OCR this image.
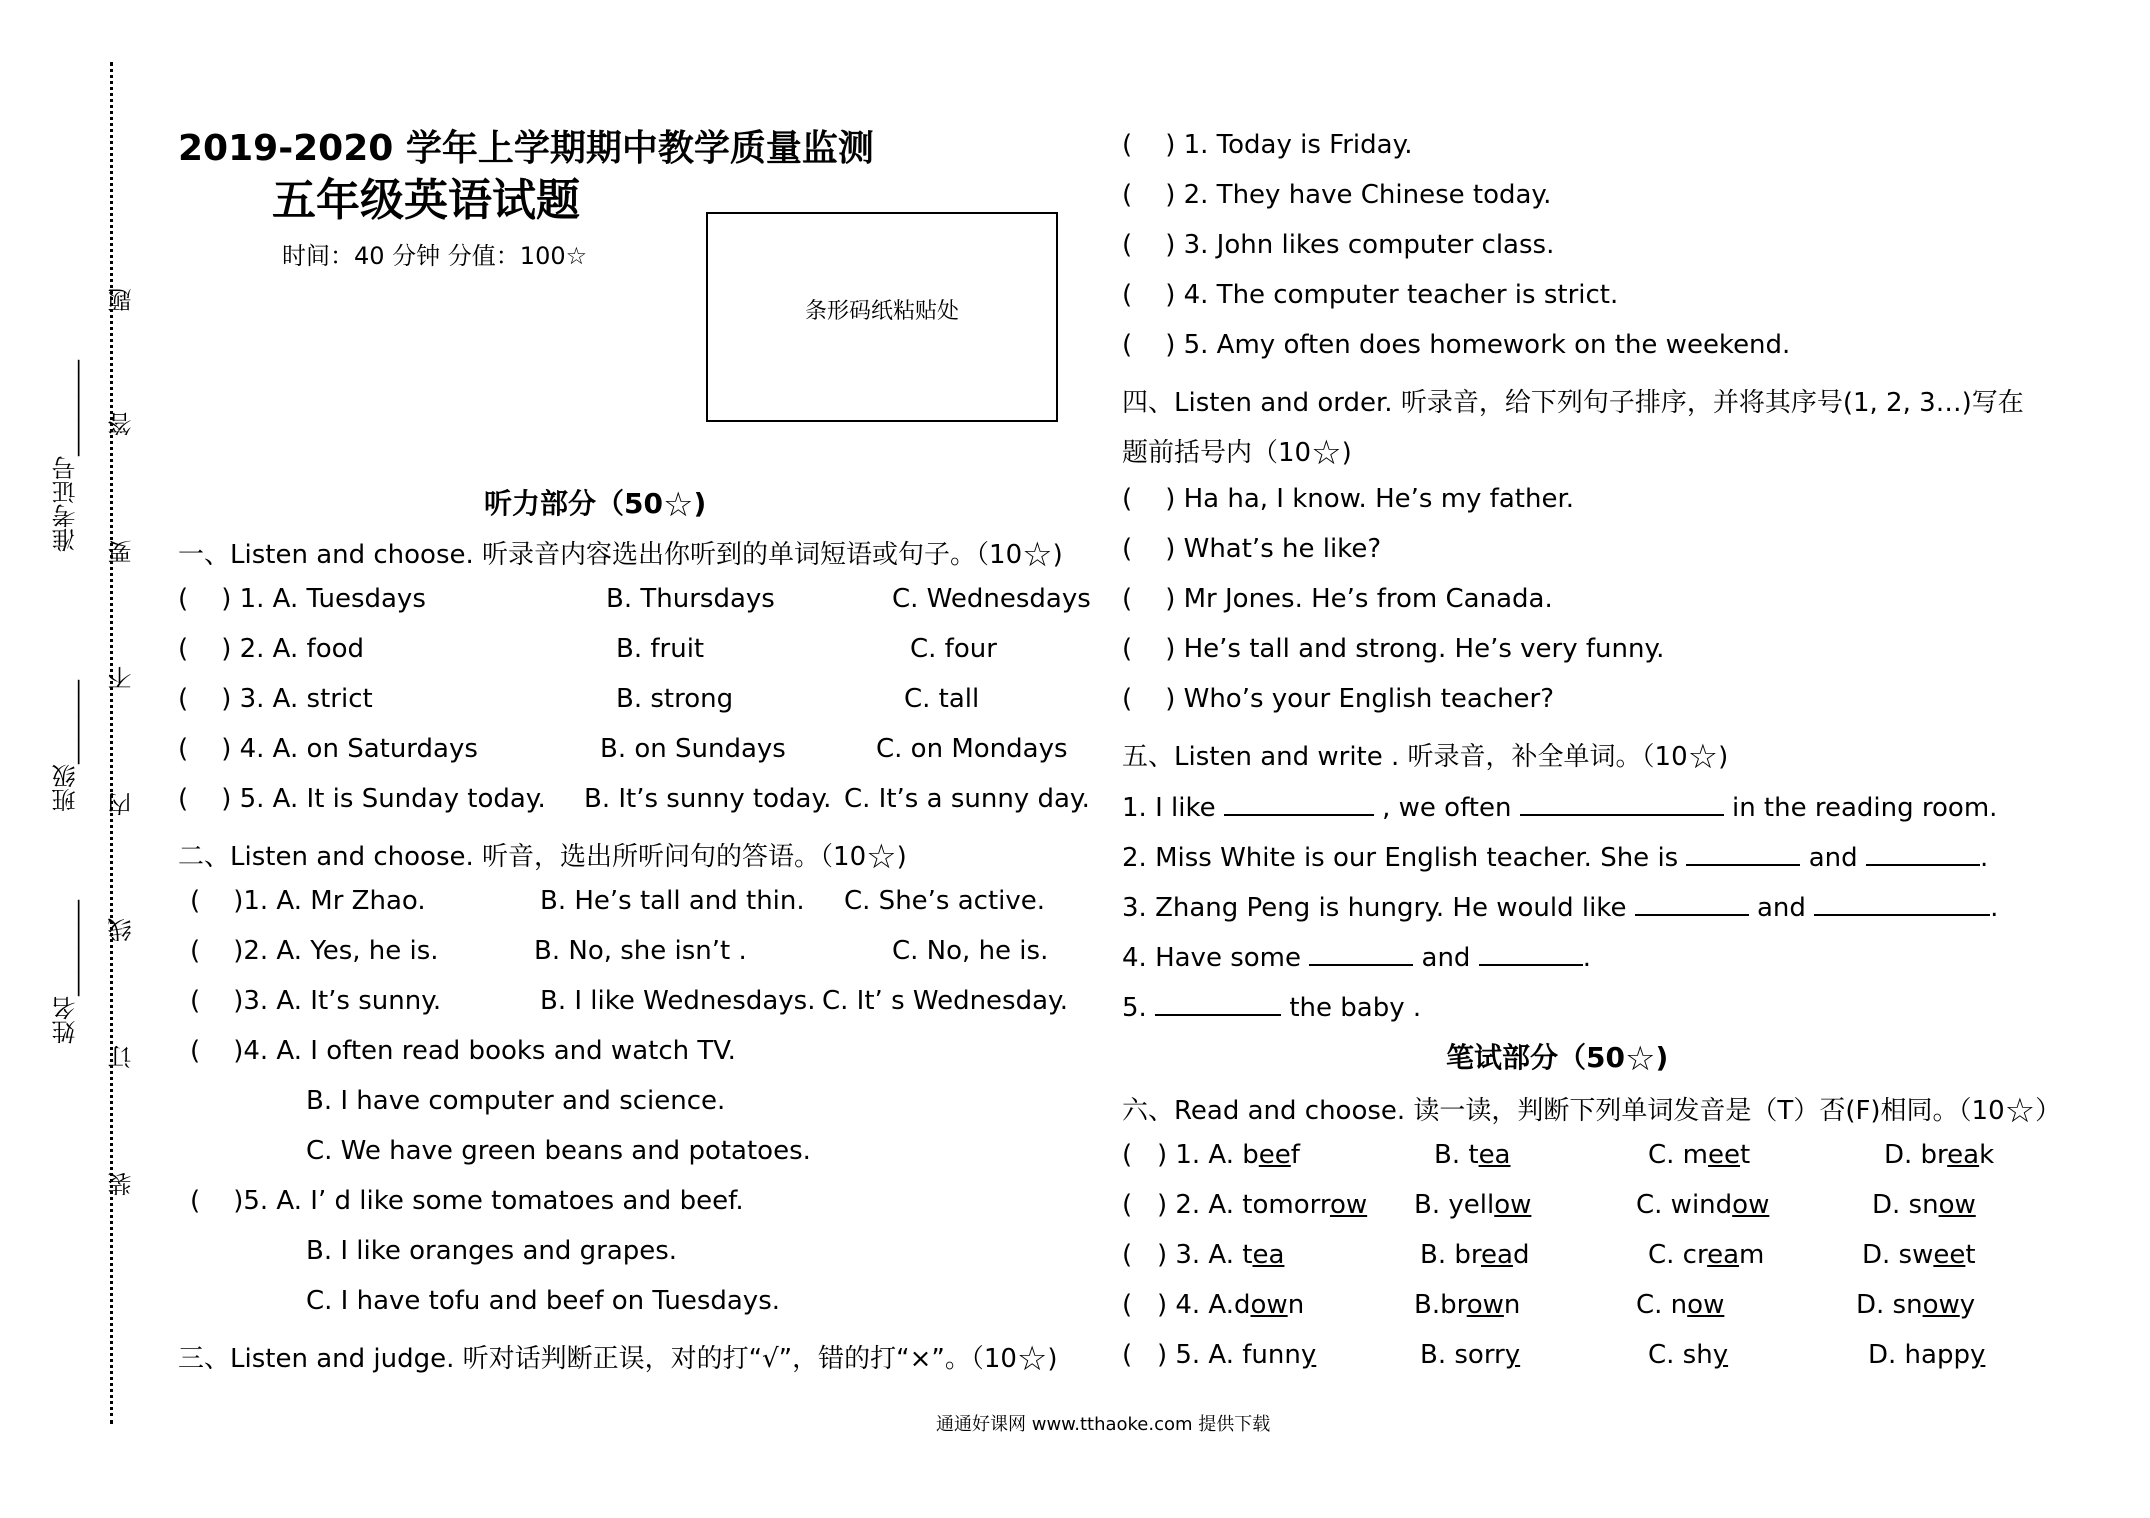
准考证号________
班级_______
姓名________
题
答
要
不
内
线
订
装
2019-2020 学年上学期期中教学质量监测
五年级英语试题
时间：40 分钟 分值：100☆
条形码纸粘贴处
听力部分（50☆)
一、Listen and choose. 听录音内容选出你听到的单词短语或句子。（10☆)
(    ) 1. A. Tuesdays	B. Thursdays	C. Wednesdays
(    ) 2. A. food	B. fruit	C. four
(    ) 3. A. strict	B. strong	C. tall
(    ) 4. A. on Saturdays	B. on Sundays	C. on Mondays
(    ) 5. A. It is Sunday today. B. It’s sunny today. C. It’s a sunny day.
二、Listen and choose. 听音，选出所听问句的答语。（10☆)
(    )1. A. Mr Zhao.	B. He’s tall and thin. C. She’s active.
(    )2. A. Yes, he is.	B. No, she isn’t .	C. No, he is.
(    )3. A. It’s sunny.	B. I like Wednesdays. C. It’ s Wednesday.
(    )4. A. I often read books and watch TV.
B. I have computer and science.
C. We have green beans and potatoes.
(    )5. A. I’ d like some tomatoes and beef.
B. I like oranges and grapes.
C. I have tofu and beef on Tuesdays.
三、Listen and judge. 听对话判断正误，对的打“√”，错的打“×”。（10☆)
(    ) 1. Today is Friday.
(    ) 2. They have Chinese today.
(    ) 3. John likes computer class.
(    ) 4. The computer teacher is strict.
(    ) 5. Amy often does homework on the weekend.
四、Listen and order. 听录音，给下列句子排序，并将其序号(1, 2, 3…)写在
题前括号内（10☆)
(    ) Ha ha, I know. He’s my father.
(    ) What’s he like?
(    ) Mr Jones. He’s from Canada.
(    ) He’s tall and strong. He’s very funny.
(    ) Who’s your English teacher?
五、Listen and write . 听录音，补全单词。（10☆)
1. I like	, we often	in the reading room.
2. Miss White is our English teacher. She is	and	.
3. Zhang Peng is hungry. He would like	and	.
4. Have some	and	.
5.	the baby .
笔试部分（50☆)
六、Read and choose. 读一读，判断下列单词发音是（T）否(F)相同。（10☆）
(   ) 1. A. beef	B. tea	C. meet	D. break
(   ) 2. A. tomorrow B. yellow	C. window	D. snow
(   ) 3. A. tea	B. bread	C. cream	D. sweet
(   ) 4. A.down	B.brown	C. now	D. snowy
(   ) 5. A. funny	B. sorry	C. shy	D. happy
通通好课网 www.tthaoke.com 提供下载
